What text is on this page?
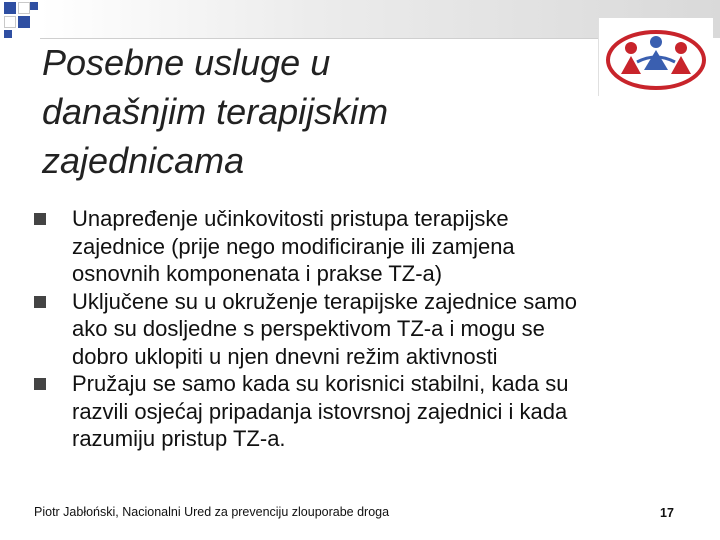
Posebne usluge u
današnjim terapijskim
zajednicama
Unapređenje učinkovitosti pristupa terapijske
zajednice (prije nego modificiranje ili zamjena
osnovnih komponenata i prakse TZ-a)
Uključene su u okruženje terapijske zajednice samo
ako su dosljedne s perspektivom TZ-a i mogu se
dobro uklopiti u njen dnevni režim aktivnosti
Pružaju se samo kada su korisnici stabilni, kada su
razvili osjećaj pripadanja istovrsnoj zajednici i kada
razumiju pristup TZ-a.
Piotr Jabłoński, Nacionalni Ured za prevenciju zlouporabe droga	17
